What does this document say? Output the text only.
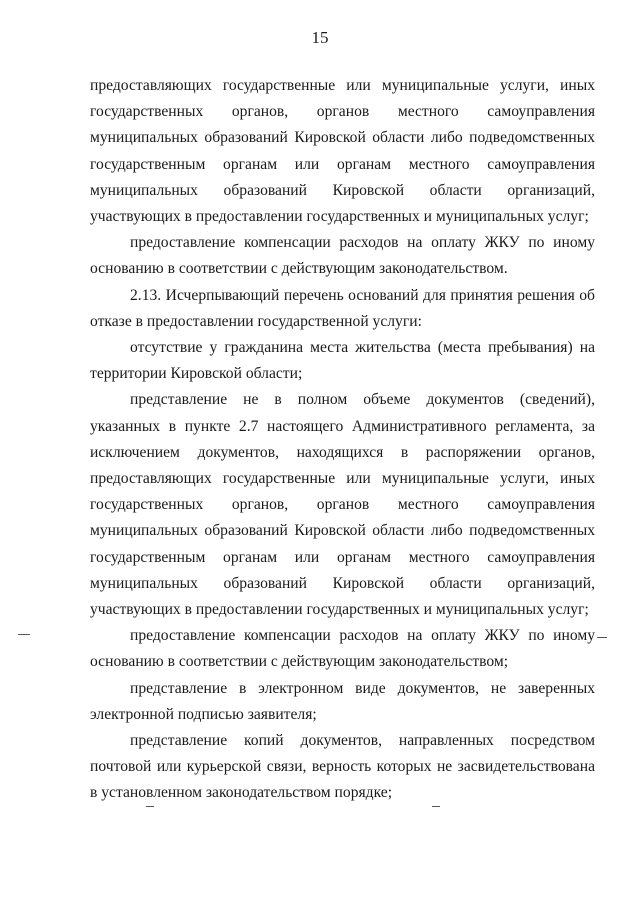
15

предоставляющих государственные или муниципальные услуги, иных государственных органов, органов местного самоуправления муниципальных образований Кировской области либо подведомственных государственным органам или органам местного самоуправления муниципальных образований Кировской области организаций, участвующих в предоставлении государственных и муниципальных услуг;

предоставление компенсации расходов на оплату ЖКУ по иному основанию в соответствии с действующим законодательством.

2.13. Исчерпывающий перечень оснований для принятия решения об отказе в предоставлении государственной услуги:

отсутствие у гражданина места жительства (места пребывания) на территории Кировской области;

представление не в полном объеме документов (сведений), указанных в пункте 2.7 настоящего Административного регламента, за исключением документов, находящихся в распоряжении органов, предоставляющих государственные или муниципальные услуги, иных государственных органов, органов местного самоуправления муниципальных образований Кировской области либо подведомственных государственным органам или органам местного самоуправления муниципальных образований Кировской области организаций, участвующих в предоставлении государственных и муниципальных услуг;

предоставление компенсации расходов на оплату ЖКУ по иному основанию в соответствии с действующим законодательством;

представление в электронном виде документов, не заверенных электронной подписью заявителя;

представление копий документов, направленных посредством почтовой или курьерской связи, верность которых не засвидетельствована в установленном законодательством порядке;
